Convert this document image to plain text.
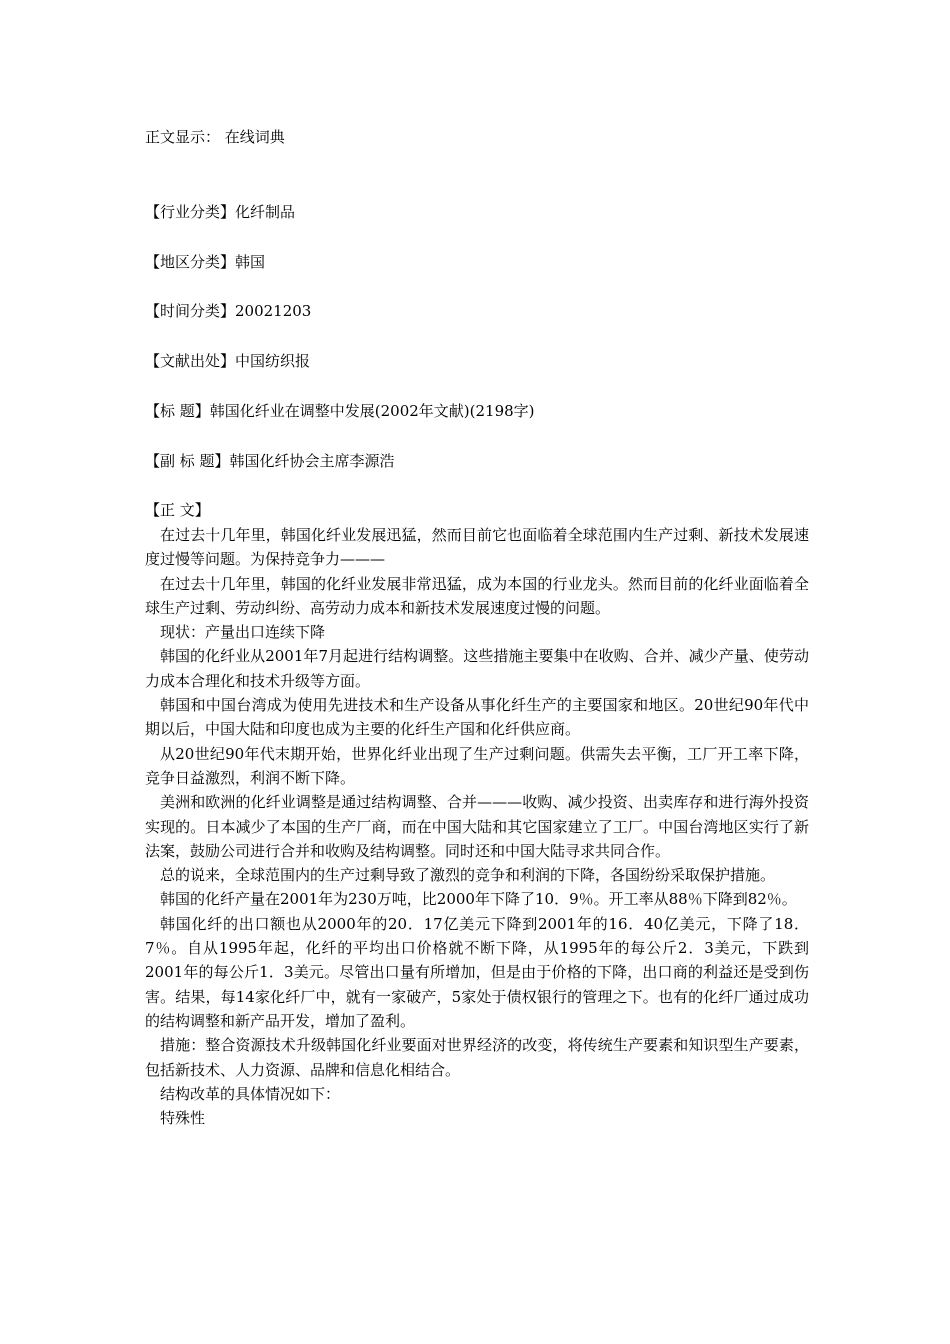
正文显示： 在线词典
【行业分类】化纤制品
【地区分类】韩国
【时间分类】20021203
【文献出处】中国纺织报
【标 题】韩国化纤业在调整中发展(2002年文献)(2198字)
【副 标 题】韩国化纤协会主席李源浩
【正 文】

在过去十几年里，韩国化纤业发展迅猛，然而目前它也面临着全球范围内生产过剩、新技术发展速度过慢等问题。为保持竞争力———

在过去十几年里，韩国的化纤业发展非常迅猛，成为本国的行业龙头。然而目前的化纤业面临着全球生产过剩、劳动纠纷、高劳动力成本和新技术发展速度过慢的问题。

现状：产量出口连续下降

韩国的化纤业从2001年7月起进行结构调整。这些措施主要集中在收购、合并、减少产量、使劳动力成本合理化和技术升级等方面。

韩国和中国台湾成为使用先进技术和生产设备从事化纤生产的主要国家和地区。20世纪90年代中期以后，中国大陆和印度也成为主要的化纤生产国和化纤供应商。

从20世纪90年代末期开始，世界化纤业出现了生产过剩问题。供需失去平衡，工厂开工率下降，竞争日益激烈，利润不断下降。

美洲和欧洲的化纤业调整是通过结构调整、合并———收购、减少投资、出卖库存和进行海外投资实现的。日本减少了本国的生产厂商，而在中国大陆和其它国家建立了工厂。中国台湾地区实行了新法案，鼓励公司进行合并和收购及结构调整。同时还和中国大陆寻求共同合作。

总的说来，全球范围内的生产过剩导致了激烈的竞争和利润的下降，各国纷纷采取保护措施。

韩国的化纤产量在2001年为230万吨，比2000年下降了10．9％。开工率从88％下降到82％。

韩国化纤的出口额也从2000年的20．17亿美元下降到2001年的16．40亿美元，下降了18．7％。自从1995年起，化纤的平均出口价格就不断下降，从1995年的每公斤2．3美元，下跌到2001年的每公斤1．3美元。尽管出口量有所增加，但是由于价格的下降，出口商的利益还是受到伤害。结果，每14家化纤厂中，就有一家破产，5家处于债权银行的管理之下。也有的化纤厂通过成功的结构调整和新产品开发，增加了盈利。

措施：整合资源技术升级韩国化纤业要面对世界经济的改变，将传统生产要素和知识型生产要素，包括新技术、人力资源、品牌和信息化相结合。

结构改革的具体情况如下：

特殊性
